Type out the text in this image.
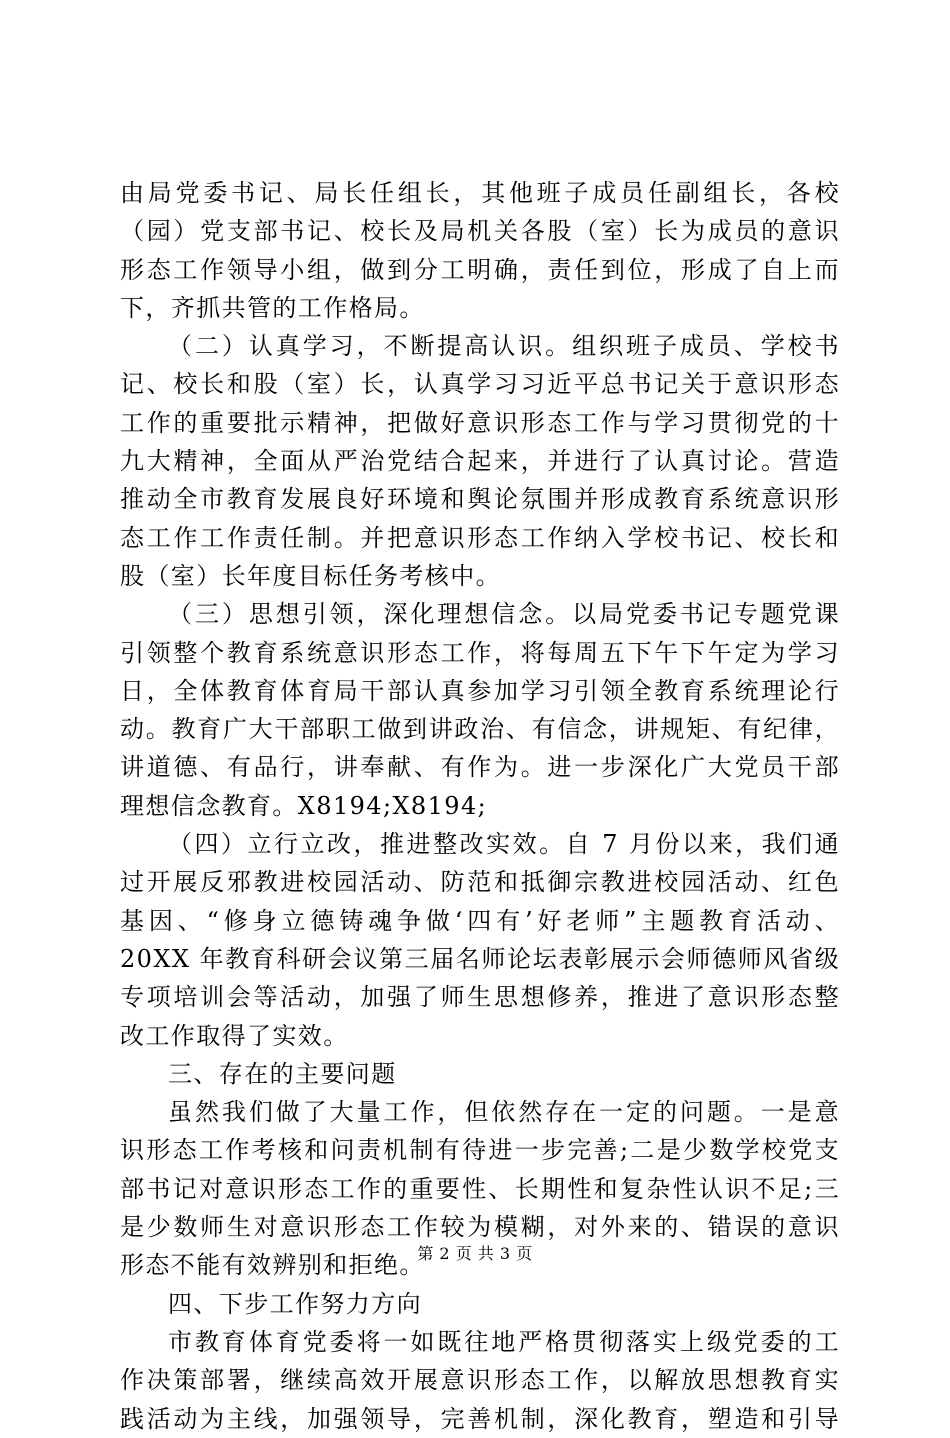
由局党委书记、局长任组长，其他班子成员任副组长，各校
（园）党支部书记、校长及局机关各股（室）长为成员的意识
形态工作领导小组，做到分工明确，责任到位，形成了自上而
下，齐抓共管的工作格局。
（二）认真学习，不断提高认识。组织班子成员、学校书
记、校长和股（室）长，认真学习习近平总书记关于意识形态
工作的重要批示精神，把做好意识形态工作与学习贯彻党的十
九大精神，全面从严治党结合起来，并进行了认真讨论。营造
推动全市教育发展良好环境和舆论氛围并形成教育系统意识形
态工作工作责任制。并把意识形态工作纳入学校书记、校长和
股（室）长年度目标任务考核中。
（三）思想引领，深化理想信念。以局党委书记专题党课
引领整个教育系统意识形态工作，将每周五下午下午定为学习
日，全体教育体育局干部认真参加学习引领全教育系统理论行
动。教育广大干部职工做到讲政治、有信念，讲规矩、有纪律，
讲道德、有品行，讲奉献、有作为。进一步深化广大党员干部
理想信念教育。X8194;X8194;
（四）立行立改，推进整改实效。自 7 月份以来，我们通
过开展反邪教进校园活动、防范和抵御宗教进校园活动、红色
基因、“修身立德铸魂争做‘四有’好老师”主题教育活动、
20XX 年教育科研会议第三届名师论坛表彰展示会师德师风省级
专项培训会等活动，加强了师生思想修养，推进了意识形态整
改工作取得了实效。
三、存在的主要问题
虽然我们做了大量工作，但依然存在一定的问题。一是意
识形态工作考核和问责机制有待进一步完善;二是少数学校党支
部书记对意识形态工作的重要性、长期性和复杂性认识不足;三
是少数师生对意识形态工作较为模糊，对外来的、错误的意识
形态不能有效辨别和拒绝。
四、下步工作努力方向
市教育体育党委将一如既往地严格贯彻落实上级党委的工
作决策部署，继续高效开展意识形态工作，以解放思想教育实
践活动为主线，加强领导，完善机制，深化教育，塑造和引导
第 2 页 共 3 页
